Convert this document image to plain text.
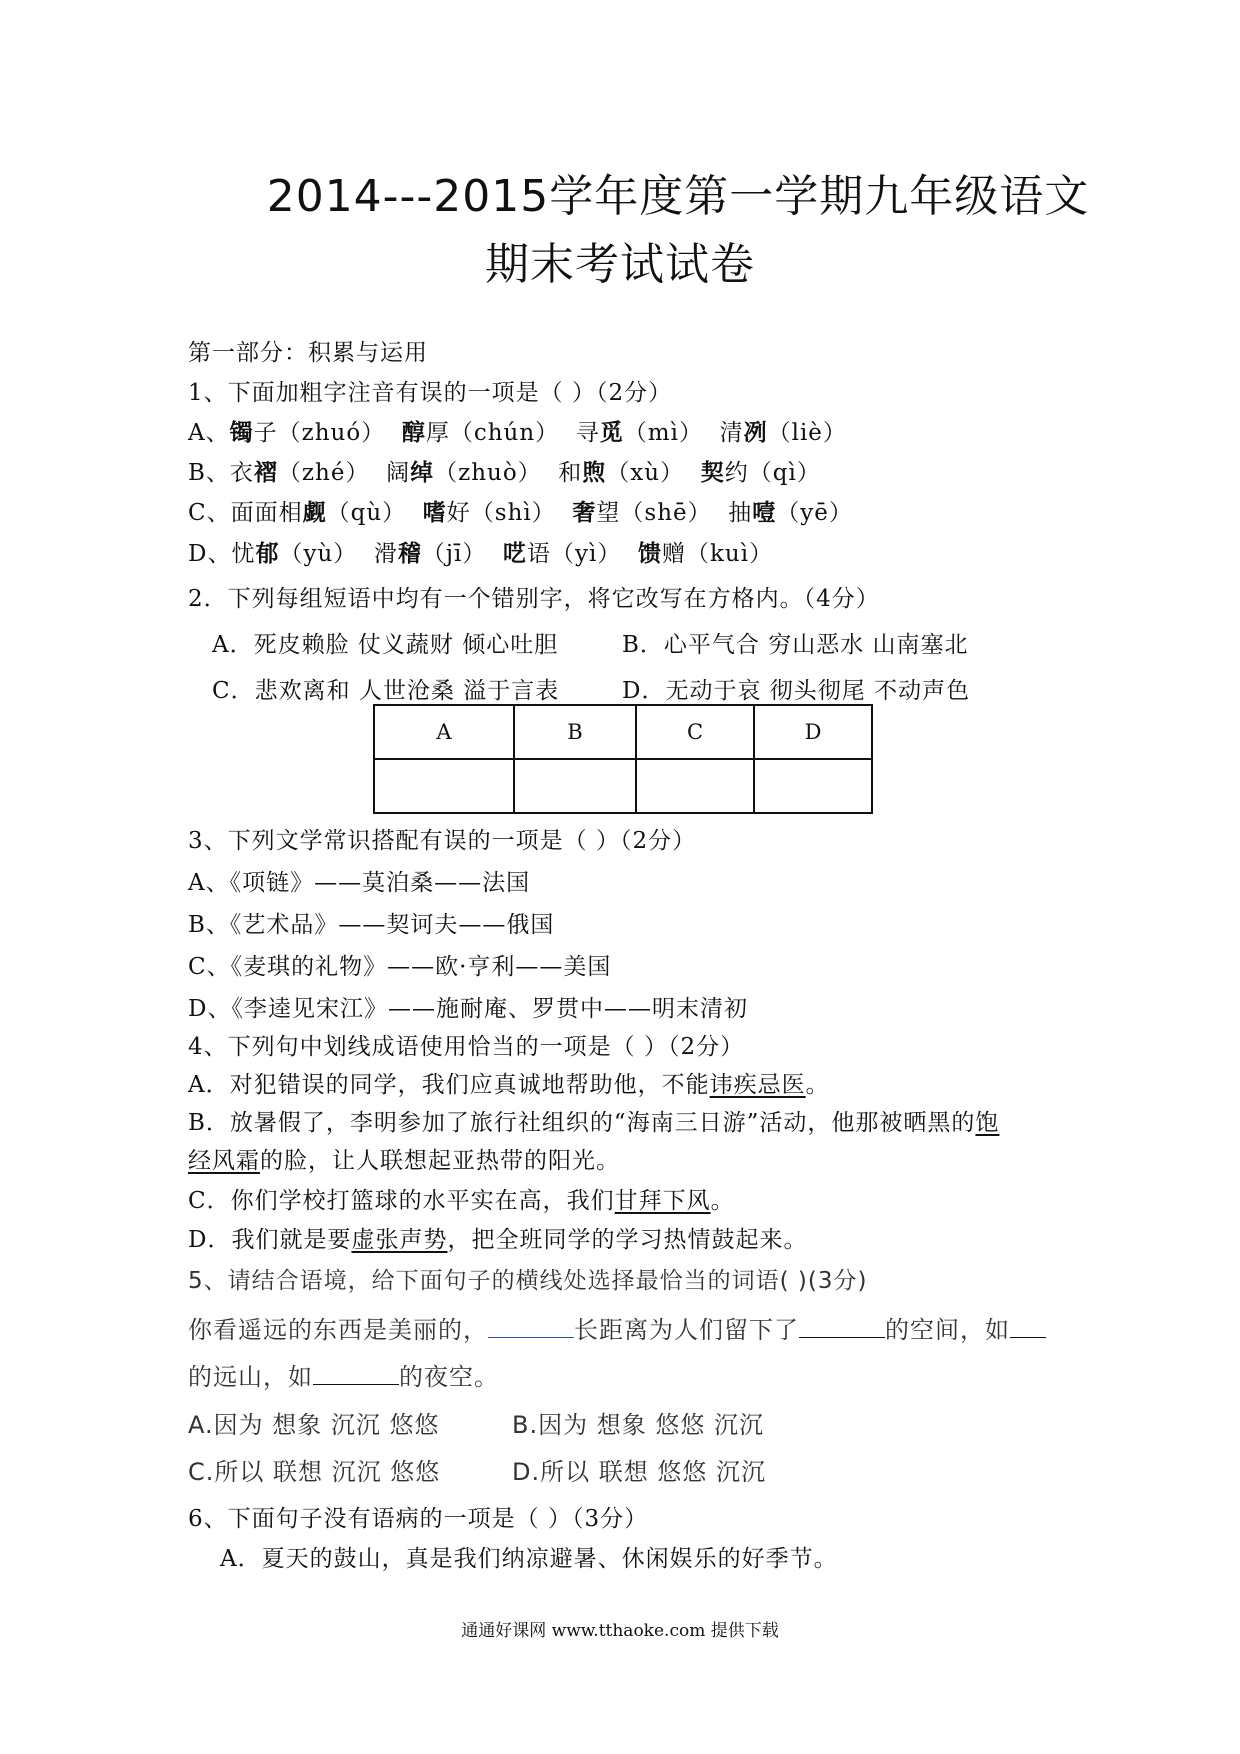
2014---2015学年度第一学期九年级语文
期末考试试卷
第一部分：积累与运用
1、下面加粗字注音有误的一项是（ ）（2分）
A、镯子（zhuó） 醇厚（chún） 寻觅（mì） 清冽（liè）
B、衣褶（zhé） 阔绰（zhuò） 和煦（xù） 契约（qì）
C、面面相觑（qù） 嗜好（shì） 奢望（shē） 抽噎（yē）
D、忧郁（yù） 滑稽（jī） 呓语（yì） 馈赠（kuì）
2．下列每组短语中均有一个错别字，将它改写在方格内。（4分）
A．死皮赖脸 仗义蔬财 倾心吐胆	B．心平气合 穷山恶水 山南塞北
C．悲欢离和 人世沧桑 溢于言表	D．无动于哀 彻头彻尾 不动声色
A	B	C	D

3、下列文学常识搭配有误的一项是（ ）（2分）
A、《项链》——莫泊桑——法国
B、《艺术品》——契诃夫——俄国
C、《麦琪的礼物》——欧·亨利——美国
D、《李逵见宋江》——施耐庵、罗贯中——明末清初
4、下列句中划线成语使用恰当的一项是（ ）（2分）
A．对犯错误的同学，我们应真诚地帮助他，不能讳疾忌医。
B．放暑假了，李明参加了旅行社组织的“海南三日游”活动，他那被晒黑的饱
经风霜的脸，让人联想起亚热带的阳光。
C．你们学校打篮球的水平实在高，我们甘拜下风。
D．我们就是要虚张声势，把全班同学的学习热情鼓起来。
5、请结合语境，给下面句子的横线处选择最恰当的词语( )(3分)
你看遥远的东西是美丽的，	长距离为人们留下了	的空间，如
的远山，如	的夜空。
A.因为 想象 沉沉 悠悠	B.因为 想象 悠悠 沉沉
C.所以 联想 沉沉 悠悠	D.所以 联想 悠悠 沉沉
6、下面句子没有语病的一项是（ ）（3分）
A．夏天的鼓山，真是我们纳凉避暑、休闲娱乐的好季节。
通通好课网 www.tthaoke.com 提供下载
